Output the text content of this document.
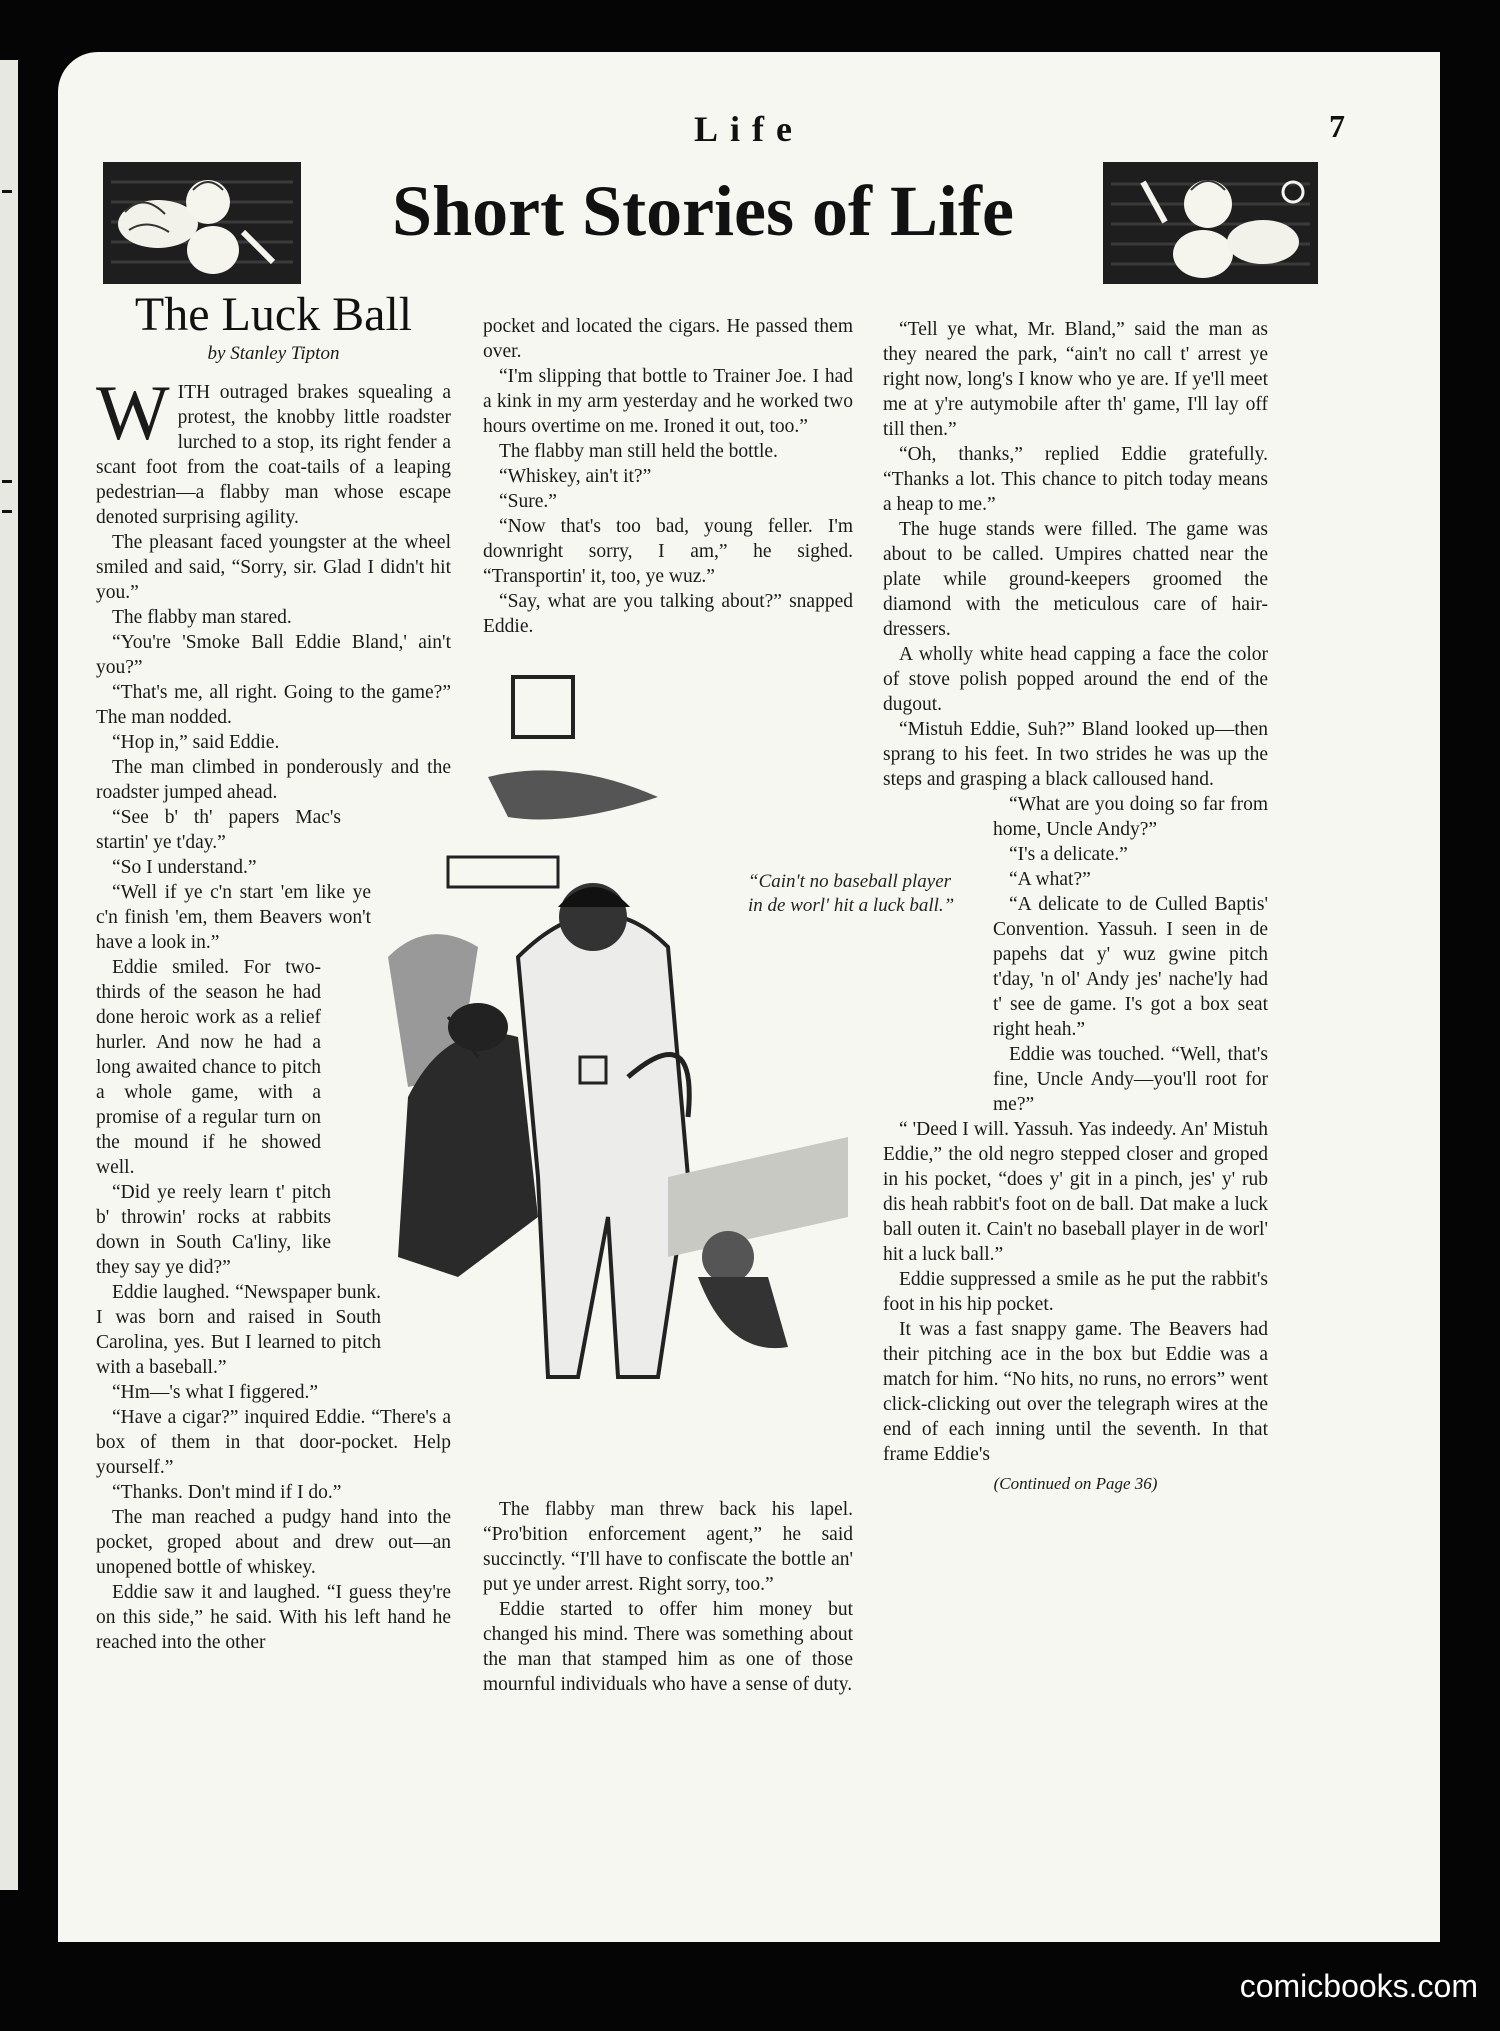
Life	7
Short Stories of Life
The Luck Ball
by Stanley Tipton

WITH outraged brakes squealing a protest, the knobby little roadster lurched to a stop, its right fender a scant foot from the coat-tails of a leaping pedestrian—a flabby man whose escape denoted surprising agility.

The pleasant faced youngster at the wheel smiled and said, “Sorry, sir. Glad I didn't hit you.”

The flabby man stared.

“You're 'Smoke Ball Eddie Bland,' ain't you?”

“That's me, all right. Going to the game?” The man nodded.

“Hop in,” said Eddie.

The man climbed in ponderously and the roadster jumped ahead.

“See b' th' papers Mac's startin' ye t'day.”

“So I understand.”

“Well if ye c'n start 'em like ye c'n finish 'em, them Beavers won't have a look in.”

Eddie smiled. For two-thirds of the season he had done heroic work as a relief hurler. And now he had a long awaited chance to pitch a whole game, with a promise of a regular turn on the mound if he showed well.

“Did ye reely learn t' pitch b' throwin' rocks at rabbits down in South Ca'liny, like they say ye did?”

Eddie laughed. “Newspaper bunk. I was born and raised in South Carolina, yes. But I learned to pitch with a baseball.”

“Hm—'s what I figgered.”

“Have a cigar?” inquired Eddie. “There's a box of them in that door-pocket. Help yourself.”

“Thanks. Don't mind if I do.”

The man reached a pudgy hand into the pocket, groped about and drew out—an unopened bottle of whiskey.

Eddie saw it and laughed. “I guess they're on this side,” he said. With his left hand he reached into the other

pocket and located the cigars. He passed them over.

“I'm slipping that bottle to Trainer Joe. I had a kink in my arm yesterday and he worked two hours overtime on me. Ironed it out, too.”

The flabby man still held the bottle.

“Whiskey, ain't it?”

“Sure.”

“Now that's too bad, young feller. I'm downright sorry, I am,” he sighed. “Transportin' it, too, ye wuz.”

“Say, what are you talking about?” snapped Eddie.

“Cain't no baseball player in de worl' hit a luck ball.”

The flabby man threw back his lapel. “Pro'bition enforcement agent,” he said succinctly. “I'll have to confiscate the bottle an' put ye under arrest. Right sorry, too.”

Eddie started to offer him money but changed his mind. There was something about the man that stamped him as one of those mournful individuals who have a sense of duty.

“Tell ye what, Mr. Bland,” said the man as they neared the park, “ain't no call t' arrest ye right now, long's I know who ye are. If ye'll meet me at y're autymobile after th' game, I'll lay off till then.”

“Oh, thanks,” replied Eddie gratefully. “Thanks a lot. This chance to pitch today means a heap to me.”

The huge stands were filled. The game was about to be called. Umpires chatted near the plate while ground-keepers groomed the diamond with the meticulous care of hair-dressers.

A wholly white head capping a face the color of stove polish popped around the end of the dugout.

“Mistuh Eddie, Suh?” Bland looked up—then sprang to his feet. In two strides he was up the steps and grasping a black calloused hand.

“What are you doing so far from home, Uncle Andy?”

“I's a delicate.”

“A what?”

“A delicate to de Culled Baptis' Convention. Yassuh. I seen in de papehs dat y' wuz gwine pitch t'day, 'n ol' Andy jes' nache'ly had t' see de game. I's got a box seat right heah.”

Eddie was touched. “Well, that's fine, Uncle Andy—you'll root for me?”

“ 'Deed I will. Yassuh. Yas indeedy. An' Mistuh Eddie,” the old negro stepped closer and groped in his pocket, “does y' git in a pinch, jes' y' rub dis heah rabbit's foot on de ball. Dat make a luck ball outen it. Cain't no baseball player in de worl' hit a luck ball.”

Eddie suppressed a smile as he put the rabbit's foot in his hip pocket.

It was a fast snappy game. The Beavers had their pitching ace in the box but Eddie was a match for him. “No hits, no runs, no errors” went click-clicking out over the telegraph wires at the end of each inning until the seventh. In that frame Eddie's

(Continued on Page 36)
comicbooks.com
